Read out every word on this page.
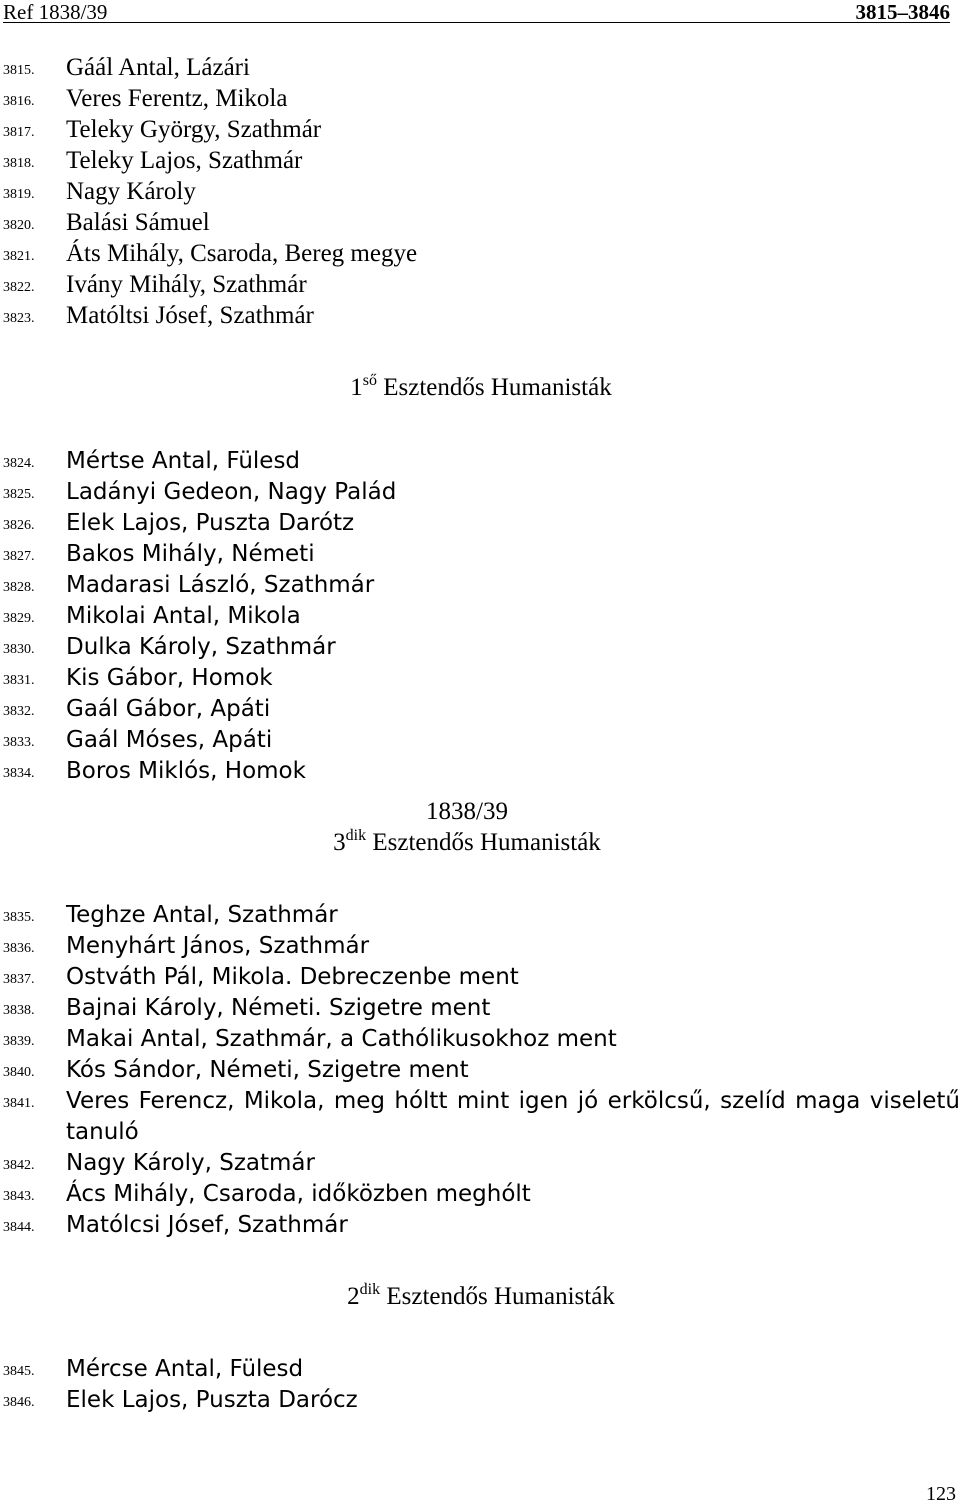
Ref 1838/39	3815–3846
3815. Gáál Antal, Lázári
3816. Veres Ferentz, Mikola
3817. Teleky György, Szathmár
3818. Teleky Lajos, Szathmár
3819. Nagy Károly
3820. Balási Sámuel
3821. Áts Mihály, Csaroda, Bereg megye
3822. Iván​y Mihály, Szathmár
3823. Matóltsi Jósef, Szathmár
$1^{ső}$ Esztendős Humanisták
3824. Mértse Antal, Fülesd
3825. Ladányi Gedeon, Nagy Palád
3826. Elek Lajos, Puszta Darótz
3827. Bakos Mihály, Németi
3828. Madarasi László, Szathmár
3829. Mikolai Antal, Mikola
3830. Dulka Károly, Szathmár
3831. Kis Gábor, Homok
3832. Gaál Gábor, Apáti
3833. Gaál Móses, Apáti
3834. Boros Miklós, Homok
1838/39
$3^{dik}$ Esztendős Humanisták
3835. Teghze Antal, Szathmár
3836. Menyhárt János, Szathmár
3837. Ostváth Pál, Mikola. Debreczenbe ment
3838. Bajnai Károly, Németi. Szigetre ment
3839. Makai Antal, Szathmár, a Cathólikusokhoz ment
3840. Kós Sándor, Németi, Szigetre ment
3841. Veres Ferencz, Mikola, meg hóltt mint igen jó erkölcsű, szelíd maga viseletű tanuló
3842. Nagy Károly, Szatmár
3843. Ács Mihály, Csaroda, időközben meghólt
3844. Matólcsi Jósef, Szathmár
$2^{dik}$ Esztendős Humanisták
3845. Mércse Antal, Fülesd
3846. Elek Lajos, Puszta Darócz
123
